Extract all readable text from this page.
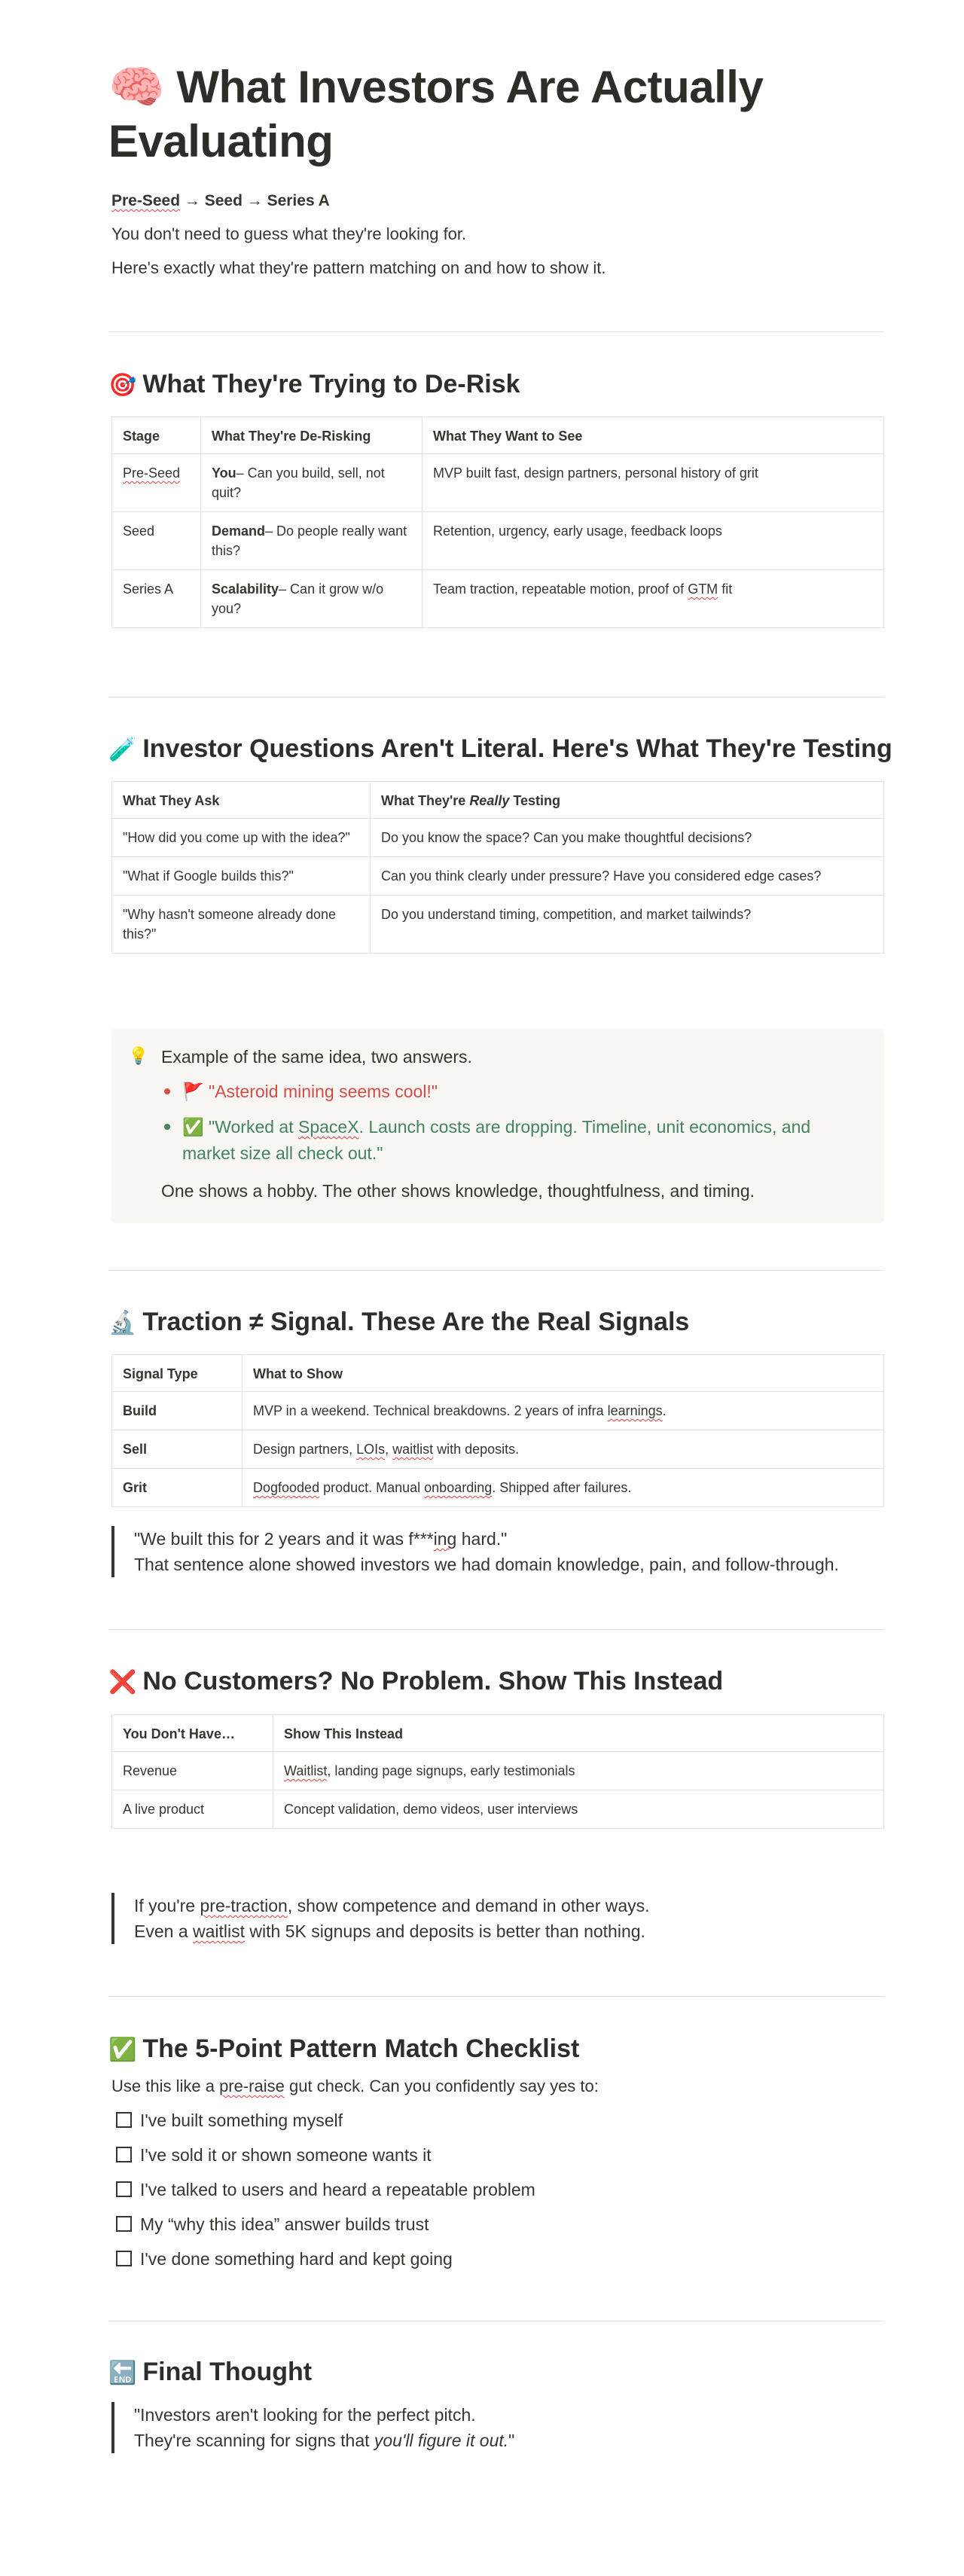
🧠 What Investors Are Actually Evaluating
Pre-Seed → Seed → Series A
You don't need to guess what they're looking for.
Here's exactly what they're pattern matching on and how to show it.
🎯 What They're Trying to De-Risk
Stage	What They're De-Risking	What They Want to See
Pre-Seed	You– Can you build, sell, not quit?	MVP built fast, design partners, personal history of grit
Seed	Demand– Do people really want this?	Retention, urgency, early usage, feedback loops
Series A	Scalability– Can it grow w/o you?	Team traction, repeatable motion, proof of GTM fit
🧪 Investor Questions Aren't Literal. Here's What They're Testing
What They Ask	What They're Really Testing
"How did you come up with the idea?"	Do you know the space? Can you make thoughtful decisions?
"What if Google builds this?"	Can you think clearly under pressure? Have you considered edge cases?
"Why hasn't someone already done this?"	Do you understand timing, competition, and market tailwinds?
💡 Example of the same idea, two answers.
🚩 "Asteroid mining seems cool!"
✅ "Worked at SpaceX. Launch costs are dropping. Timeline, unit economics, and market size all check out."
One shows a hobby. The other shows knowledge, thoughtfulness, and timing.
🔬 Traction ≠ Signal. These Are the Real Signals
Signal Type	What to Show
Build	MVP in a weekend. Technical breakdowns. 2 years of infra learnings.
Sell	Design partners, LOIs, waitlist with deposits.
Grit	Dogfooded product. Manual onboarding. Shipped after failures.
"We built this for 2 years and it was f***ing hard."
That sentence alone showed investors we had domain knowledge, pain, and follow-through.
❌ No Customers? No Problem. Show This Instead
You Don't Have…	Show This Instead
Revenue	Waitlist, landing page signups, early testimonials
A live product	Concept validation, demo videos, user interviews
If you're pre-traction, show competence and demand in other ways.
Even a waitlist with 5K signups and deposits is better than nothing.
✅ The 5-Point Pattern Match Checklist
Use this like a pre-raise gut check. Can you confidently say yes to:
I've built something myself
I've sold it or shown someone wants it
I've talked to users and heard a repeatable problem
My “why this idea” answer builds trust
I've done something hard and kept going
🔚 Final Thought
"Investors aren't looking for the perfect pitch.
They're scanning for signs that you'll figure it out."
